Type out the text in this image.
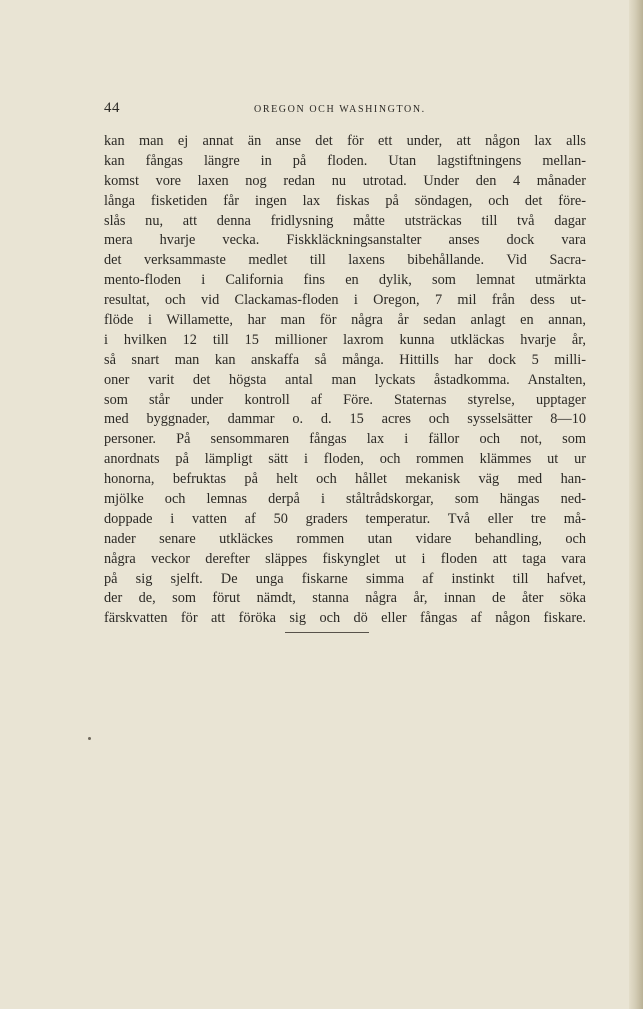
44	OREGON OCH WASHINGTON.
kan man ej annat än anse det för ett under, att någon lax alls
kan fångas längre in på floden. Utan lagstiftningens mellan-
komst vore laxen nog redan nu utrotad. Under den 4 månader
långa fisketiden får ingen lax fiskas på söndagen, och det före-
slås nu, att denna fridlysning måtte utsträckas till två dagar
mera hvarje vecka. Fiskkläckningsanstalter anses dock vara
det verksammaste medlet till laxens bibehållande. Vid Sacra-
mento-floden i California fins en dylik, som lemnat utmärkta
resultat, och vid Clackamas-floden i Oregon, 7 mil från dess ut-
flöde i Willamette, har man för några år sedan anlagt en annan,
i hvilken 12 till 15 millioner laxrom kunna utkläckas hvarje år,
så snart man kan anskaffa så många. Hittills har dock 5 milli-
oner varit det högsta antal man lyckats åstadkomma. Anstalten,
som står under kontroll af Före. Staternas styrelse, upptager
med byggnader, dammar o. d. 15 acres och sysselsätter 8—10
personer. På sensommaren fångas lax i fällor och not, som
anordnats på lämpligt sätt i floden, och rommen klämmes ut ur
honorna, befruktas på helt och hållet mekanisk väg med han-
mjölke och lemnas derpå i ståltrådskorgar, som hängas ned-
doppade i vatten af 50 graders temperatur. Två eller tre må-
nader senare utkläckes rommen utan vidare behandling, och
några veckor derefter släppes fiskynglet ut i floden att taga vara
på sig sjelft. De unga fiskarne simma af instinkt till hafvet,
der de, som förut nämdt, stanna några år, innan de åter söka
färskvatten för att föröka sig och dö eller fångas af någon fiskare.
